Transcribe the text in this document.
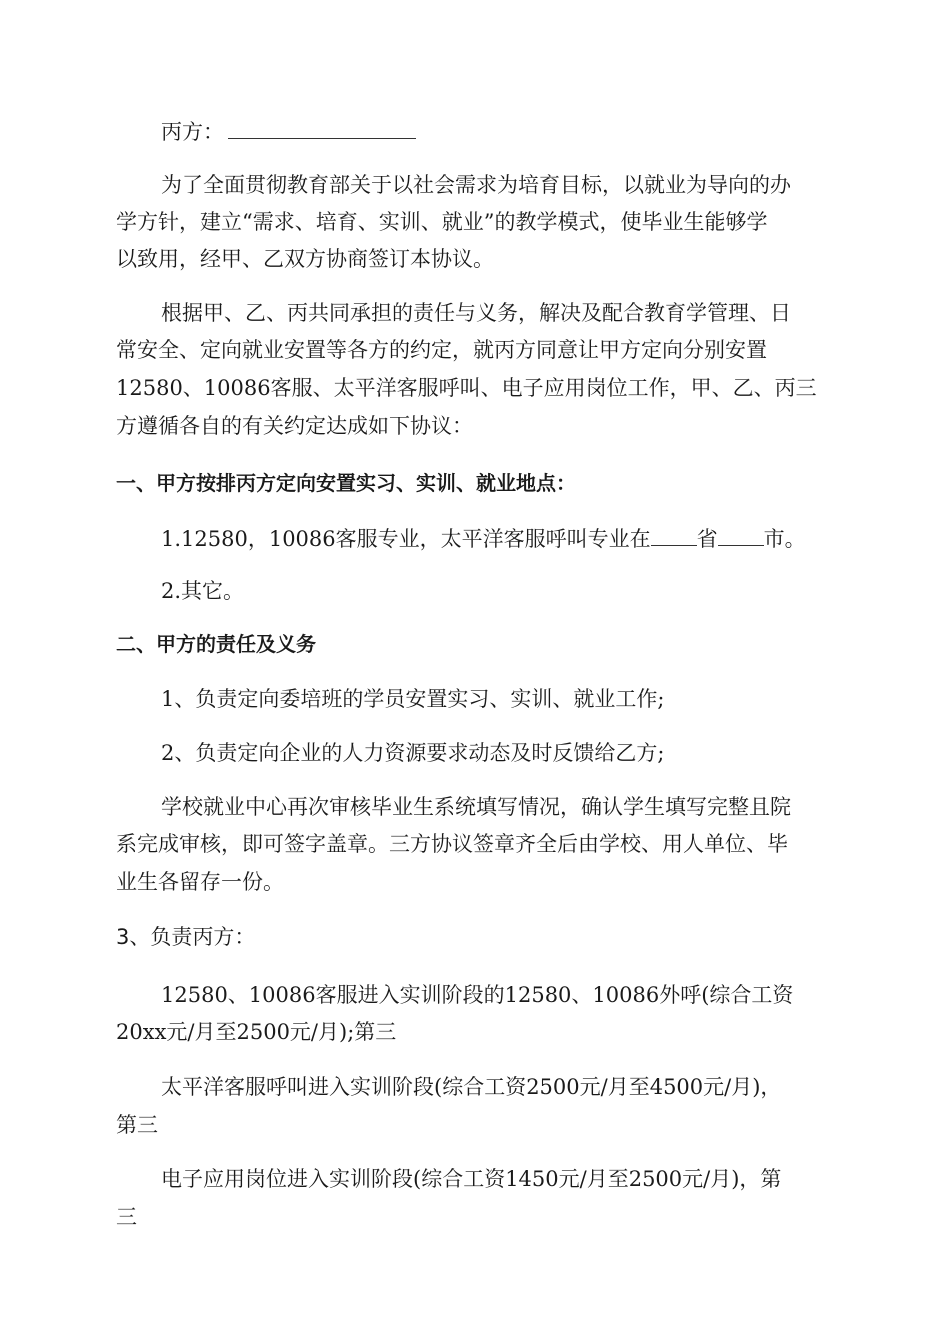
丙方：
为了全面贯彻教育部关于以社会需求为培育目标，以就业为导向的办
学方针，建立“需求、培育、实训、就业”的教学模式，使毕业生能够学
以致用，经甲、乙双方协商签订本协议。
根据甲、乙、丙共同承担的责任与义务，解决及配合教育学管理、日
常安全、定向就业安置等各方的约定，就丙方同意让甲方定向分别安置
12580、10086客服、太平洋客服呼叫、电子应用岗位工作，甲、乙、丙三
方遵循各自的有关约定达成如下协议：
一、甲方按排丙方定向安置实习、实训、就业地点：
1.12580，10086客服专业，太平洋客服呼叫专业在 省 市。
2.其它。
二、甲方的责任及义务
1、负责定向委培班的学员安置实习、实训、就业工作;
2、负责定向企业的人力资源要求动态及时反馈给乙方;
学校就业中心再次审核毕业生系统填写情况，确认学生填写完整且院
系完成审核，即可签字盖章。三方协议签章齐全后由学校、用人单位、毕
业生各留存一份。
3、负责丙方：
12580、10086客服进入实训阶段的12580、10086外呼(综合工资
20xx元/月至2500元/月);第三
太平洋客服呼叫进入实训阶段(综合工资2500元/月至4500元/月)，
第三
电子应用岗位进入实训阶段(综合工资1450元/月至2500元/月)，第
三
